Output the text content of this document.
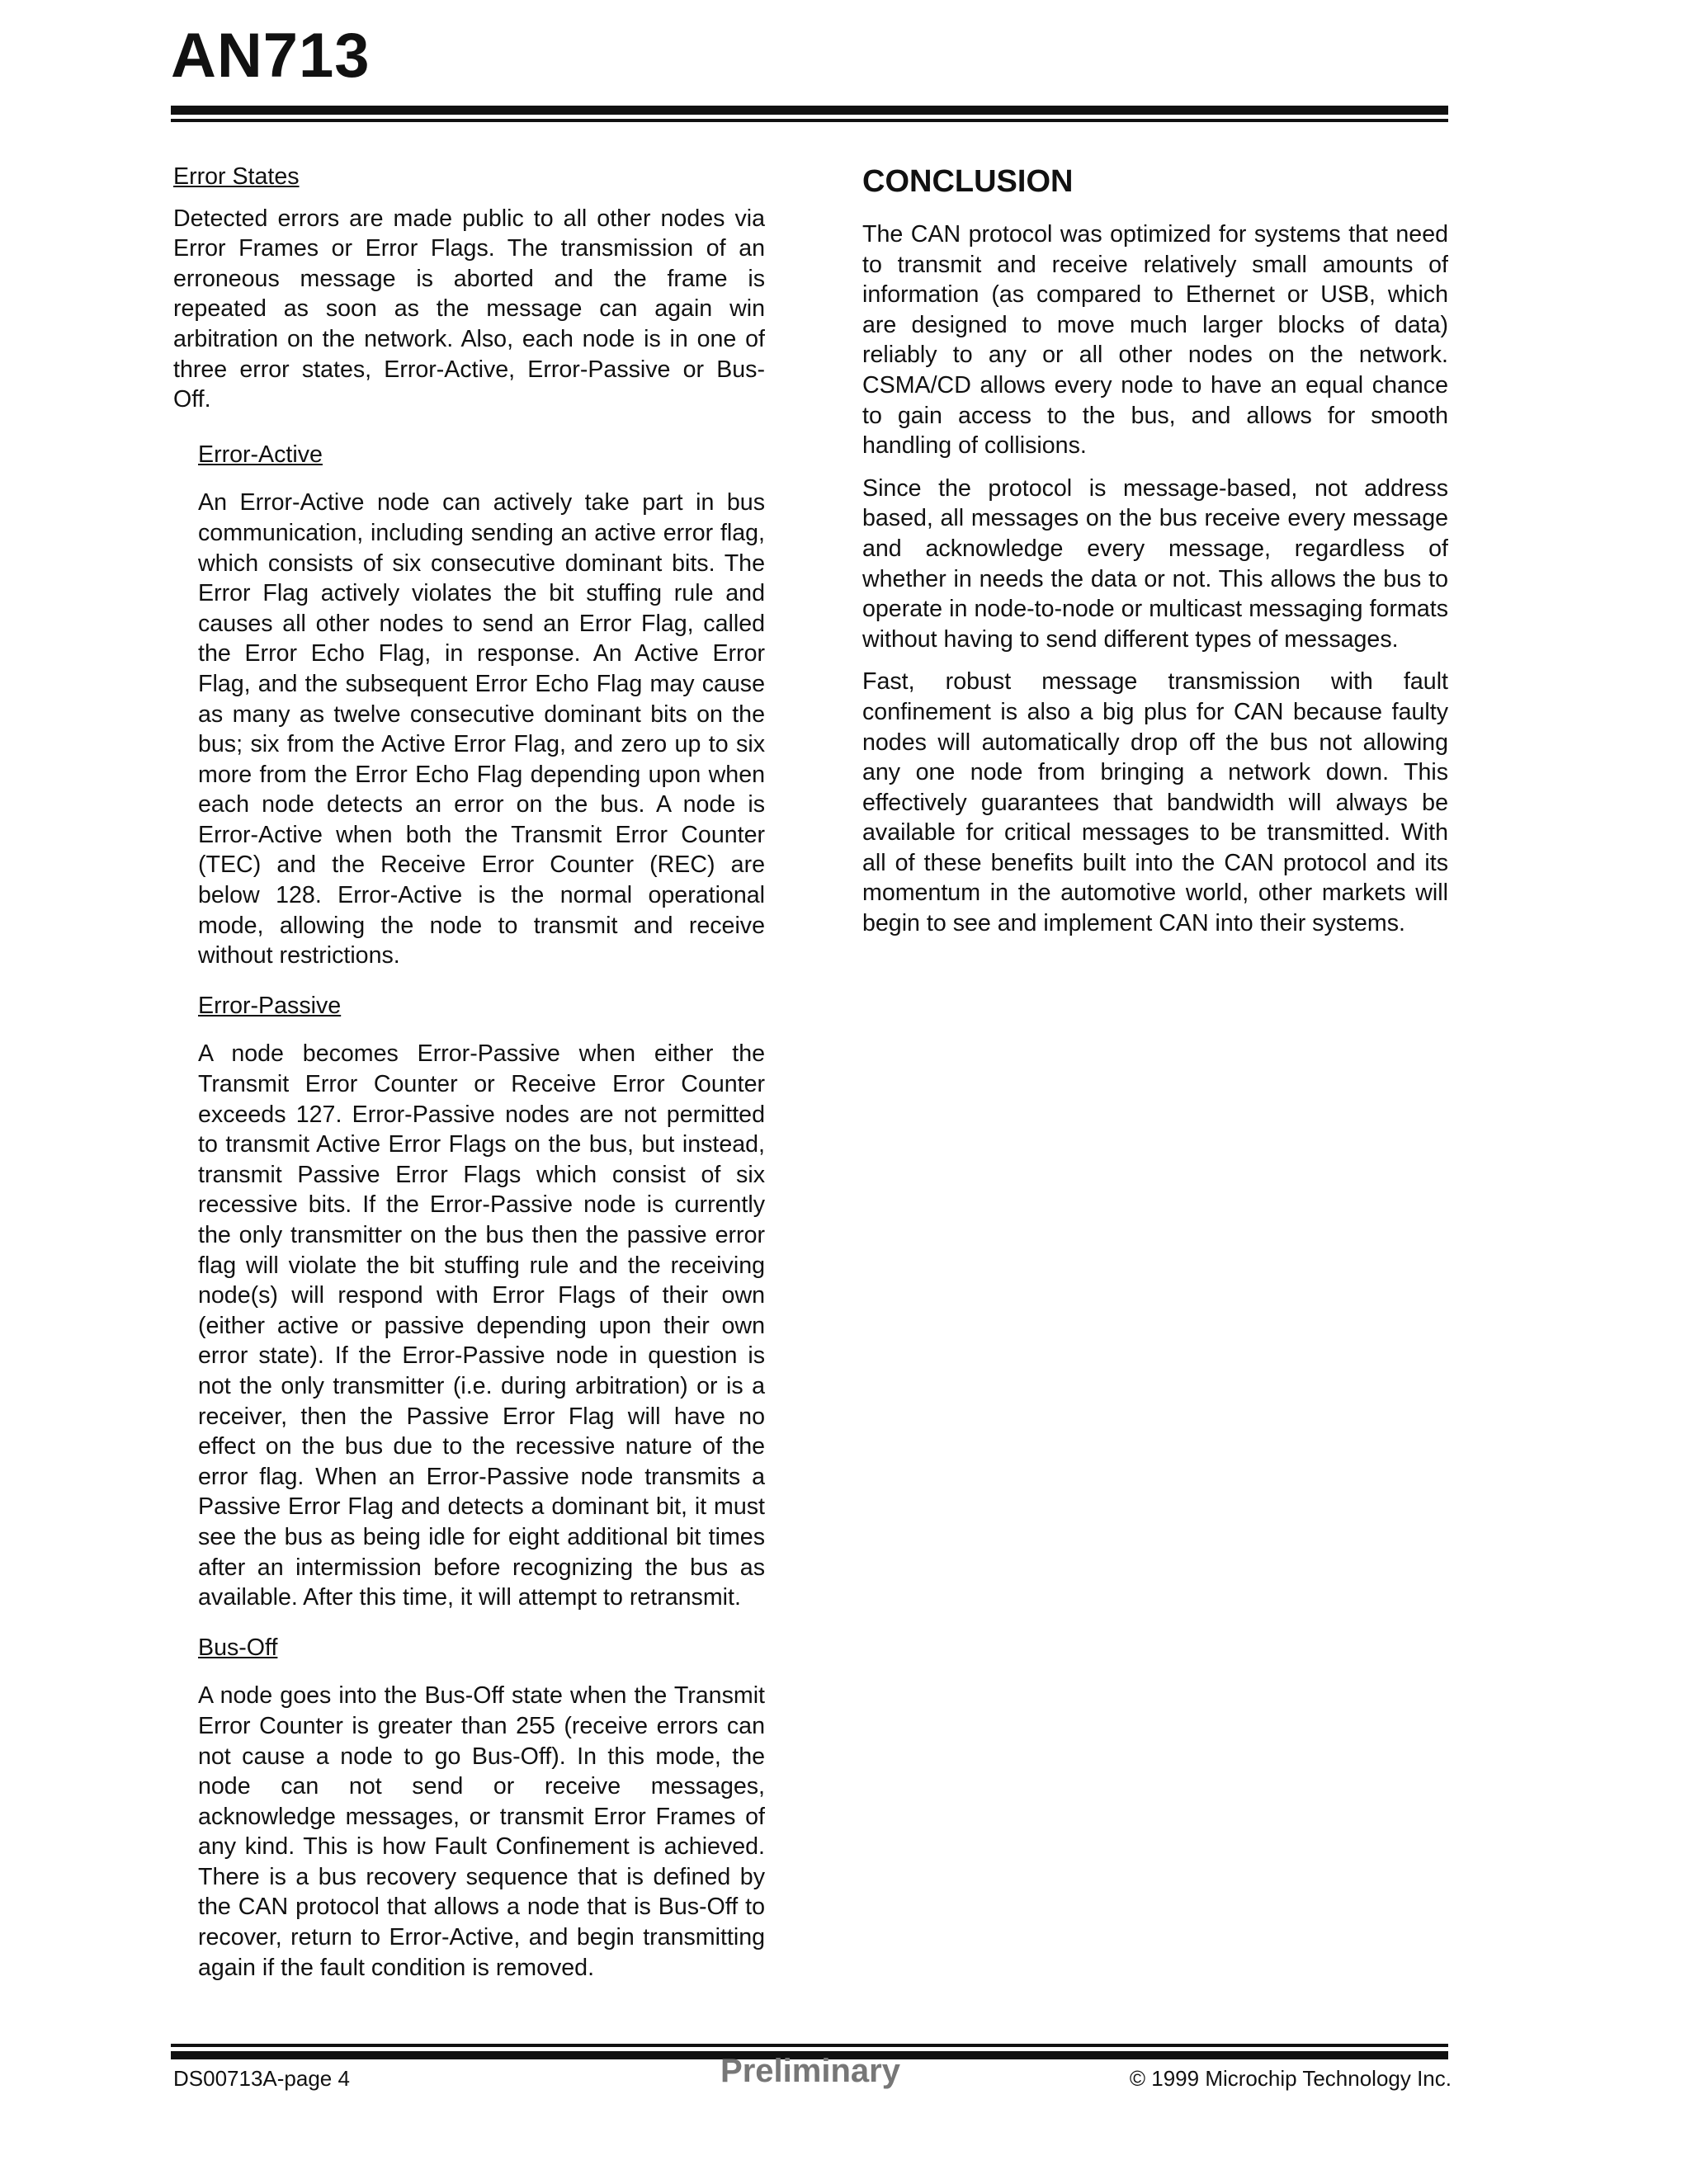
AN713

Error States

Detected errors are made public to all other nodes via Error Frames or Error Flags. The transmission of an erroneous message is aborted and the frame is repeated as soon as the message can again win arbitration on the network. Also, each node is in one of three error states, Error-Active, Error-Passive or Bus-Off.

Error-Active

An Error-Active node can actively take part in bus communication, including sending an active error flag, which consists of six consecutive dominant bits. The Error Flag actively violates the bit stuffing rule and causes all other nodes to send an Error Flag, called the Error Echo Flag, in response. An Active Error Flag, and the subsequent Error Echo Flag may cause as many as twelve consecutive dominant bits on the bus; six from the Active Error Flag, and zero up to six more from the Error Echo Flag depending upon when each node detects an error on the bus. A node is Error-Active when both the Transmit Error Counter (TEC) and the Receive Error Counter (REC) are below 128. Error-Active is the normal operational mode, allowing the node to transmit and receive without restrictions.

Error-Passive

A node becomes Error-Passive when either the Transmit Error Counter or Receive Error Counter exceeds 127. Error-Passive nodes are not permitted to transmit Active Error Flags on the bus, but instead, transmit Passive Error Flags which consist of six recessive bits. If the Error-Passive node is currently the only transmitter on the bus then the passive error flag will violate the bit stuffing rule and the receiving node(s) will respond with Error Flags of their own (either active or passive depending upon their own error state). If the Error-Passive node in question is not the only transmitter (i.e. during arbitration) or is a receiver, then the Passive Error Flag will have no effect on the bus due to the recessive nature of the error flag. When an Error-Passive node transmits a Passive Error Flag and detects a dominant bit, it must see the bus as being idle for eight additional bit times after an intermission before recognizing the bus as available. After this time, it will attempt to retransmit.

Bus-Off

A node goes into the Bus-Off state when the Transmit Error Counter is greater than 255 (receive errors can not cause a node to go Bus-Off). In this mode, the node can not send or receive messages, acknowledge messages, or transmit Error Frames of any kind. This is how Fault Confinement is achieved. There is a bus recovery sequence that is defined by the CAN protocol that allows a node that is Bus-Off to recover, return to Error-Active, and begin transmitting again if the fault condition is removed.

CONCLUSION

The CAN protocol was optimized for systems that need to transmit and receive relatively small amounts of information (as compared to Ethernet or USB, which are designed to move much larger blocks of data) reliably to any or all other nodes on the network. CSMA/CD allows every node to have an equal chance to gain access to the bus, and allows for smooth handling of collisions.

Since the protocol is message-based, not address based, all messages on the bus receive every message and acknowledge every message, regardless of whether in needs the data or not. This allows the bus to operate in node-to-node or multicast messaging formats without having to send different types of messages.

Fast, robust message transmission with fault confinement is also a big plus for CAN because faulty nodes will automatically drop off the bus not allowing any one node from bringing a network down. This effectively guarantees that bandwidth will always be available for critical messages to be transmitted. With all of these benefits built into the CAN protocol and its momentum in the automotive world, other markets will begin to see and implement CAN into their systems.

DS00713A-page 4	Preliminary	© 1999 Microchip Technology Inc.
